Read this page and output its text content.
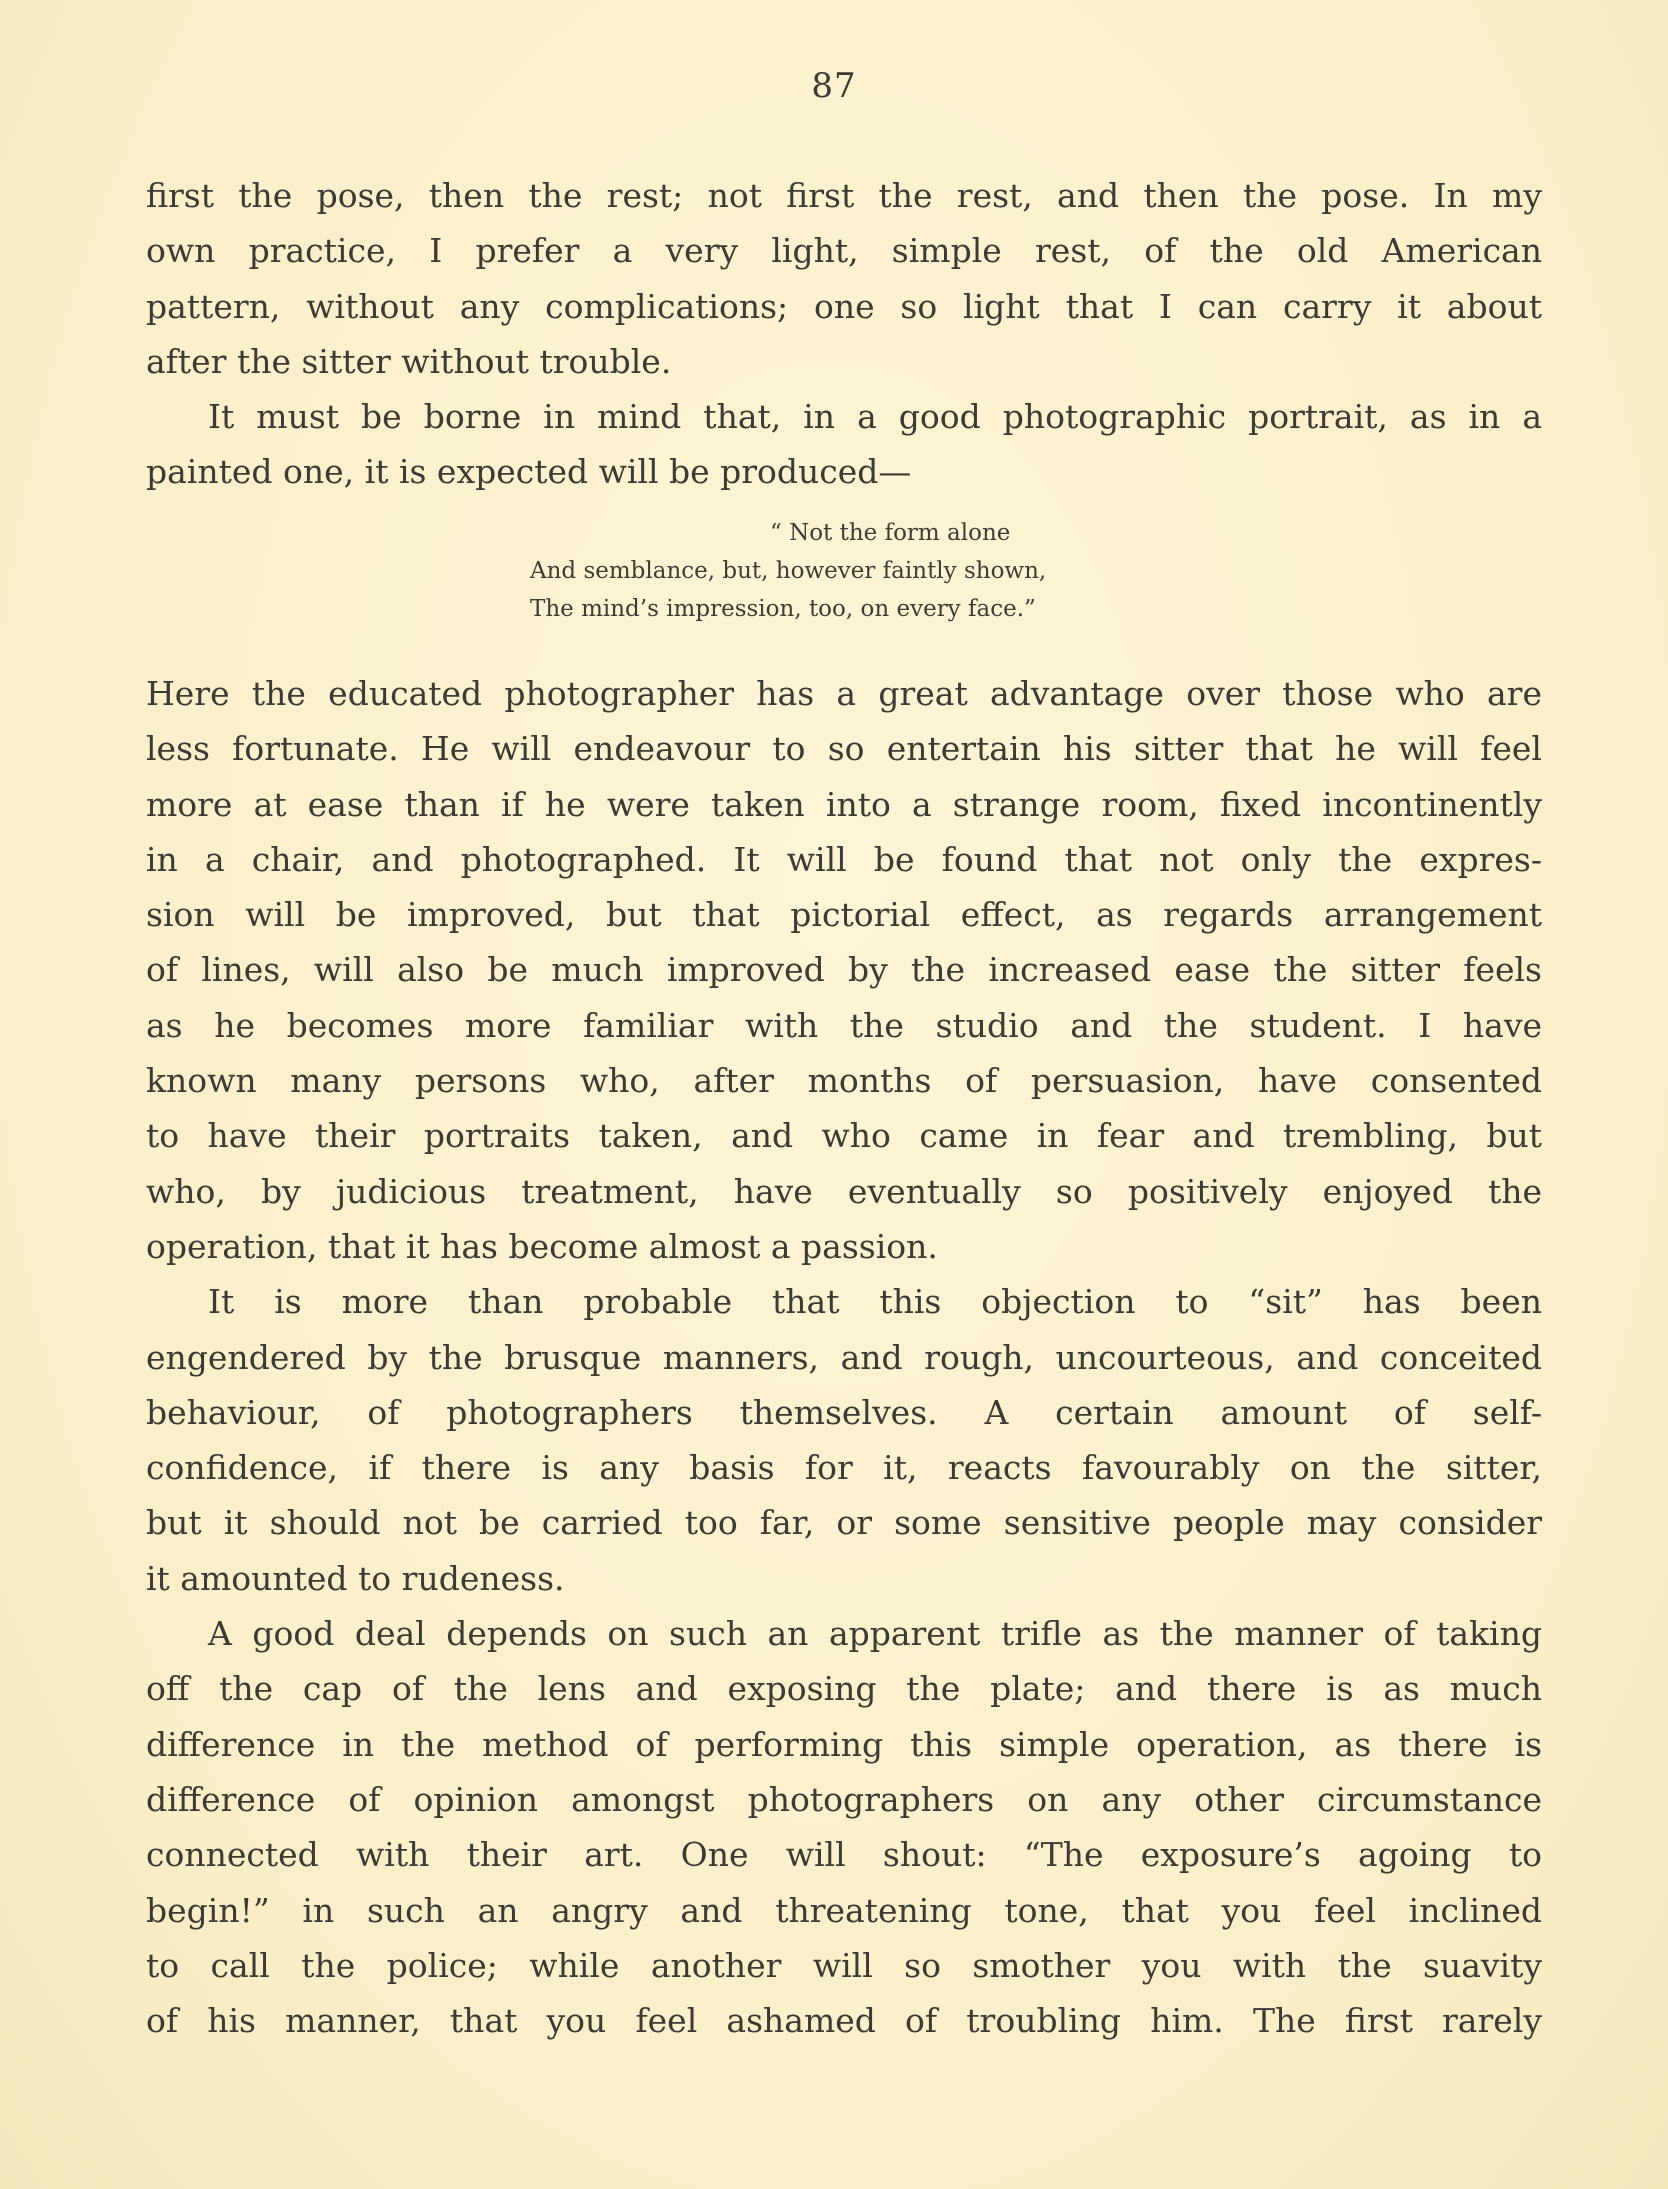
87
first the pose, then the rest; not first the rest, and then the pose. In my
own practice, I prefer a very light, simple rest, of the old American
pattern, without any complications; one so light that I can carry it about
after the sitter without trouble.
It must be borne in mind that, in a good photographic portrait, as in a
painted one, it is expected will be produced—
“ Not the form alone
And semblance, but, however faintly shown,
The mind’s impression, too, on every face.”
Here the educated photographer has a great advantage over those who are
less fortunate. He will endeavour to so entertain his sitter that he will feel
more at ease than if he were taken into a strange room, fixed incontinently
in a chair, and photographed. It will be found that not only the expres-
sion will be improved, but that pictorial effect, as regards arrangement
of lines, will also be much improved by the increased ease the sitter feels
as he becomes more familiar with the studio and the student. I have
known many persons who, after months of persuasion, have consented
to have their portraits taken, and who came in fear and trembling, but
who, by judicious treatment, have eventually so positively enjoyed the
operation, that it has become almost a passion.
It is more than probable that this objection to “sit” has been
engendered by the brusque manners, and rough, uncourteous, and conceited
behaviour, of photographers themselves. A certain amount of self-
confidence, if there is any basis for it, reacts favourably on the sitter,
but it should not be carried too far, or some sensitive people may consider
it amounted to rudeness.
A good deal depends on such an apparent trifle as the manner of taking
off the cap of the lens and exposing the plate; and there is as much
difference in the method of performing this simple operation, as there is
difference of opinion amongst photographers on any other circumstance
connected with their art. One will shout: “The exposure’s agoing to
begin!” in such an angry and threatening tone, that you feel inclined
to call the police; while another will so smother you with the suavity
of his manner, that you feel ashamed of troubling him. The first rarely
